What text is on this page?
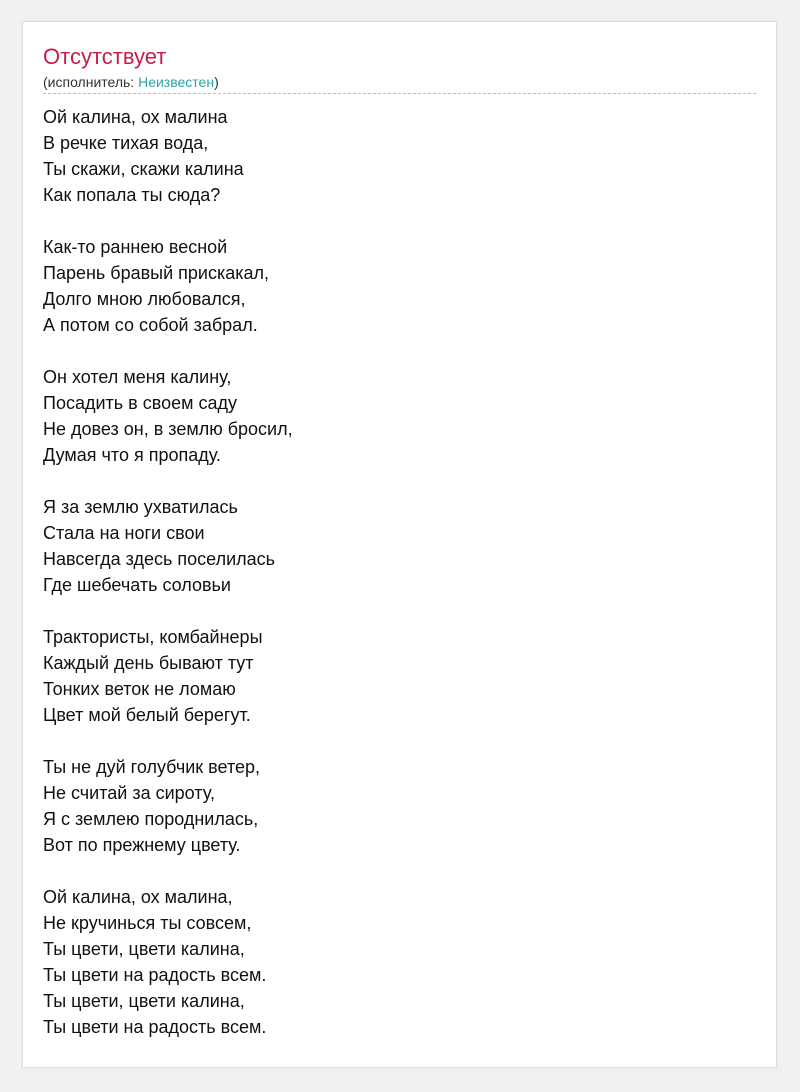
Отсутствует
(исполнитель: Неизвестен)
Ой калина, ох малина
В речке тихая вода,
Ты скажи, скажи калина
Как попала ты сюда?
Как-то раннею весной
Парень бравый прискакал,
Долго мною любовался,
А потом со собой забрал.
Он хотел меня калину,
Посадить в своем саду
Не довез он, в землю бросил,
Думая что я пропаду.
Я за землю ухватилась
Стала на ноги свои
Навсегда здесь поселилась
Где шебечать соловьи
Трактористы, комбайнеры
Каждый день бывают тут
Тонких веток не ломаю
Цвет мой белый берегут.
Ты не дуй голубчик ветер,
Не считай за сироту,
Я с землею породнилась,
Вот по прежнему цвету.
Ой калина, ох малина,
Не кручинься ты совсем,
Ты цвети, цвети калина,
Ты цвети на радость всем.
Ты цвети, цвети калина,
Ты цвети на радость всем.
